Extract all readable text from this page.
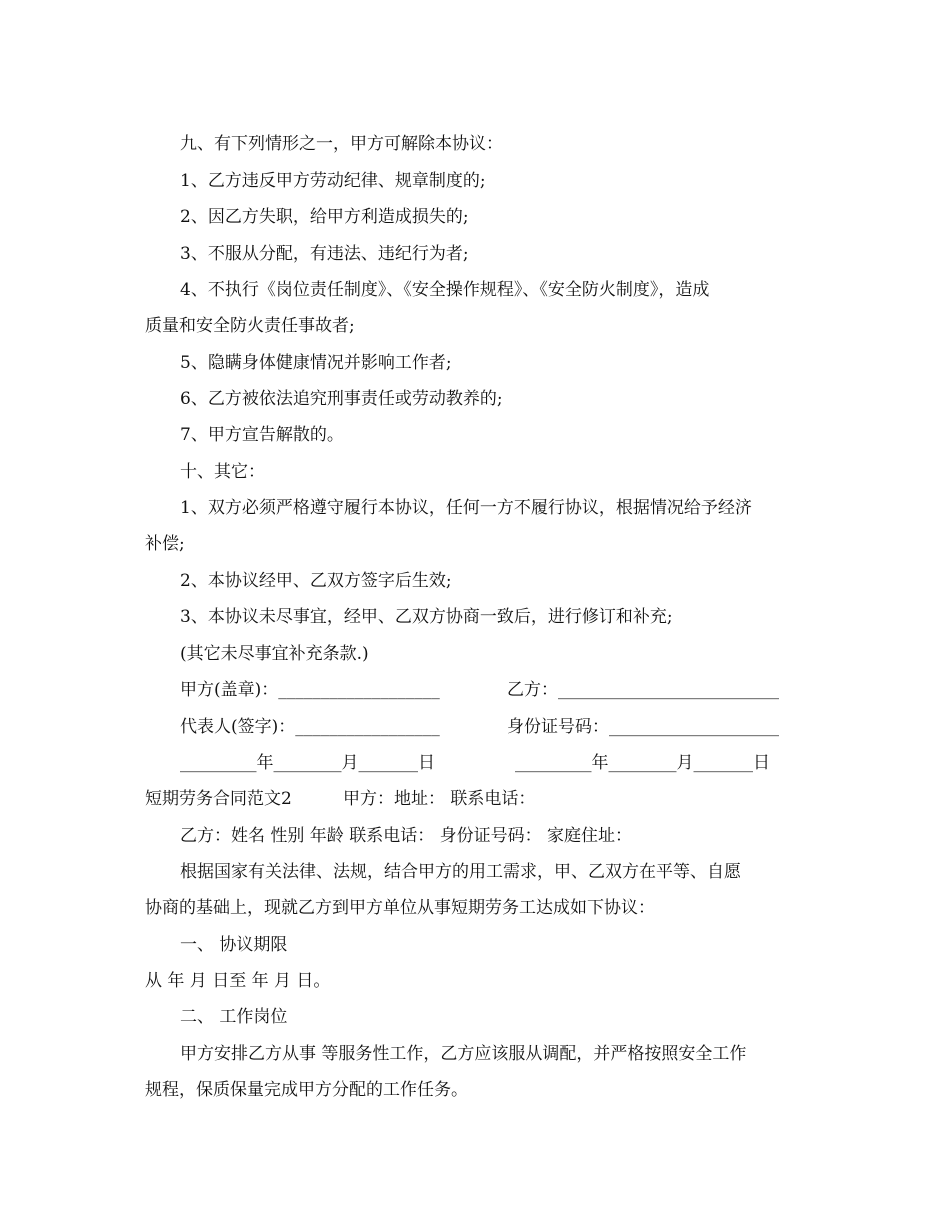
九、有下列情形之一，甲方可解除本协议：
1、乙方违反甲方劳动纪律、规章制度的;
2、因乙方失职，给甲方利造成损失的;
3、不服从分配，有违法、违纪行为者;
4、不执行《岗位责任制度》、《安全操作规程》、《安全防火制度》，造成
质量和安全防火责任事故者;
5、隐瞒身体健康情况并影响工作者;
6、乙方被依法追究刑事责任或劳动教养的;
7、甲方宣告解散的。
十、其它：
1、双方必须严格遵守履行本协议，任何一方不履行协议，根据情况给予经济
补偿;
2、本协议经甲、乙双方签字后生效;
3、本协议未尽事宜，经甲、乙双方协商一致后，进行修订和补充;
(其它未尽事宜补充条款.)
甲方(盖章)：___________________	乙方：__________________________
代表人(签字)：_________________	身份证号码：____________________
_________年________月_______日	_________年________月_______日
短期劳务合同范文2	甲方：地址： 联系电话：
乙方：姓名 性别 年龄 联系电话： 身份证号码： 家庭住址：
根据国家有关法律、法规，结合甲方的用工需求，甲、乙双方在平等、自愿
协商的基础上，现就乙方到甲方单位从事短期劳务工达成如下协议：
一、 协议期限
从 年 月 日至 年 月 日。
二、 工作岗位
甲方安排乙方从事 等服务性工作，乙方应该服从调配，并严格按照安全工作
规程，保质保量完成甲方分配的工作任务。
